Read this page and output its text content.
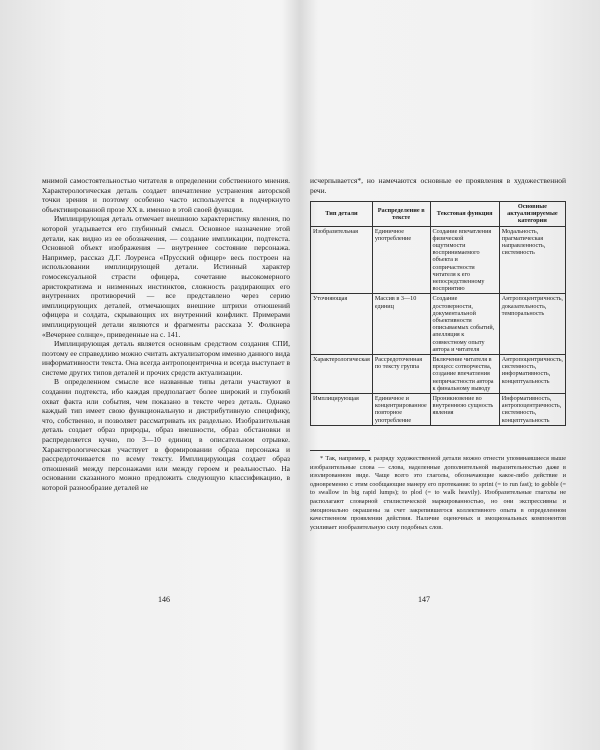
мнимой самостоятельностью читателя в определении собственного мнения. Характерологическая деталь создает впечатление устранения авторской точки зрения и поэтому особенно часто используется в подчеркнуто объективированной прозе XX в. именно в этой своей функции.

Имплицирующая деталь отмечает внешнюю характеристику явления, по которой угадывается его глубинный смысл. Основное назначение этой детали, как видно из ее обозначения, — создание импликации, подтекста. Основной объект изображения — внутреннее состояние персонажа. Например, рассказ Д.Г. Лоуренса «Прусский офицер» весь построен на использовании имплицирующей детали. Истинный характер гомосексуальной страсти офицера, сочетание высокомерного аристократизма и низменных инстинктов, сложность раздирающих его внутренних противоречий — все представлено через серию имплицирующих деталей, отмечающих внешние штрихи отношений офицера и солдата, скрывающих их внутренний конфликт. Примерами имплицирующей детали являются и фрагменты рассказа У. Фолкнера «Вечернее солнце», приведенные на с. 141.

Имплицирующая деталь является основным средством создания СПИ, поэтому ее справедливо можно считать актуализатором именно данного вида информативности текста. Она всегда антропоцентрична и всегда выступает в системе других типов деталей и прочих средств актуализации.

В определенном смысле все названные типы детали участвуют в создании подтекста, ибо каждая предполагает более широкий и глубокий охват факта или события, чем показано в тексте через деталь. Однако каждый тип имеет свою функциональную и дистрибутивную специфику, что, собственно, и позволяет рассматривать их раздельно. Изобразительная деталь создает образ природы, образ внешности, образ обстановки и распределяется кучно, по 3—10 единиц в описательном отрывке. Характерологическая участвует в формировании образа персонажа и рассредоточивается по всему тексту. Имплицирующая создает образ отношений между персонажами или между героем и реальностью. На основании сказанного можно предложить следующую классификацию, в которой разнообразие деталей не

146

исчерпывается*, но намечаются основные ее проявления в художественной речи.

Тип детали	Распределение в тексте	Текстовая функция	Основные актуализируемые категории
Изобразительная	Единичное употребление	Создание впечатления физической ощутимости воспринимаемого объекта и сопричастности читателя к его непосредственному восприятию	Модальность, прагматическая направленность, системность
Уточняющая	Массив в 3—10 единиц	Создание достоверности, документальной объективности описываемых событий, апелляция к совместному опыту автора и читателя	Антропоцентричность, доказательность, темпоральность
Характерологическая	Рассредоточенная по тексту группа	Включение читателя в процесс сотворчества, создание впечатления непричастности автора к финальному выводу	Антропоцентричность, системность, информативность, концептуальность
Имплицирующая	Единичное и концентрированное повторное употребление	Проникновение во внутреннюю сущность явления	Информативность, антропоцентричность, системность, концептуальность

* Так, например, к разряду художественной детали можно отнести упомянавшиеся выше изобразительные слова — слова, наделенные дополнительной выразительностью даже в изолированном виде. Чаще всего это глаголы, обозначающие какое-либо действие и одновременно с этим сообщающие манеру его протекания: to sprint (= to run fast); to gobble (= to swallow in big rapid lumps); to plod (= to walk heavily). Изобразительные глаголы не располагают словарной стилистической маркированностью, но они экспрессивны и эмоционально окрашены за счет закрепившегося коллективного опыта в определенном качественном проявлении действия. Наличие оценочных и эмоциональных компонентов усиливает изобразительную силу подобных слов.

147
